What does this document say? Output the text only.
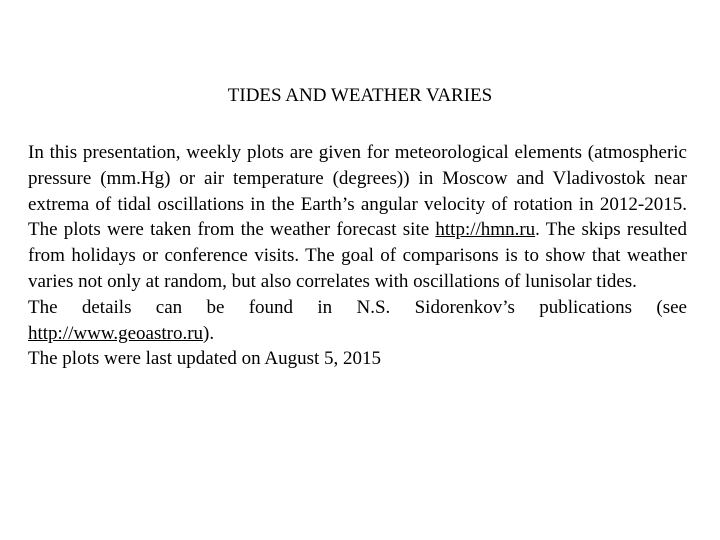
TIDES AND WEATHER VARIES

In this presentation, weekly plots are given for meteorological elements (atmospheric pressure (mm.Hg) or air temperature (degrees)) in Moscow and Vladivostok near extrema of tidal oscillations in the Earth’s angular velocity of rotation in 2012-2015. The plots were taken from the weather forecast site http://hmn.ru. The skips resulted from holidays or conference visits. The goal of comparisons is to show that weather varies not only at random, but also correlates with oscillations of lunisolar tides.

The details can be found in N.S. Sidorenkov’s publications (see http://www.geoastro.ru).

The plots were last updated on August 5, 2015
